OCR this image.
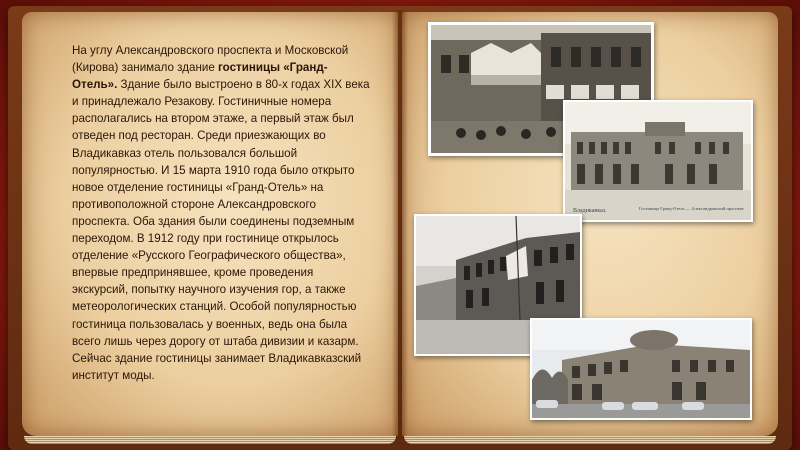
На углу Александровского проспекта и Московской (Кирова) занимало здание гостиницы «Гранд-Отель». Здание было выстроено в 80-х годах XIX века и принадлежало Резакову. Гостиничные номера располагались на втором этаже, а первый этаж был отведен под ресторан. Среди приезжающих во Владикавказ отель пользовался большой популярностью. И 15 марта 1910 года было открыто новое отделение гостиницы «Гранд-Отель» на противоположной стороне Александровского проспекта. Оба здания были соединены подземным переходом. В 1912 году при гостинице открылось отделение «Русского Географического общества», впервые предпринявшее, кроме проведения экскурсий, попытку научного изучения гор, а также метеорологических станций. Особой популярностью гостиница пользовалась у военных, ведь она была всего лишь через дорогу от штаба дивизии и казарм. Сейчас здание гостиницы занимает Владикавказский институт моды.
Владикавказ.	Гостиница Гранд-Отель — Александровский проспект
